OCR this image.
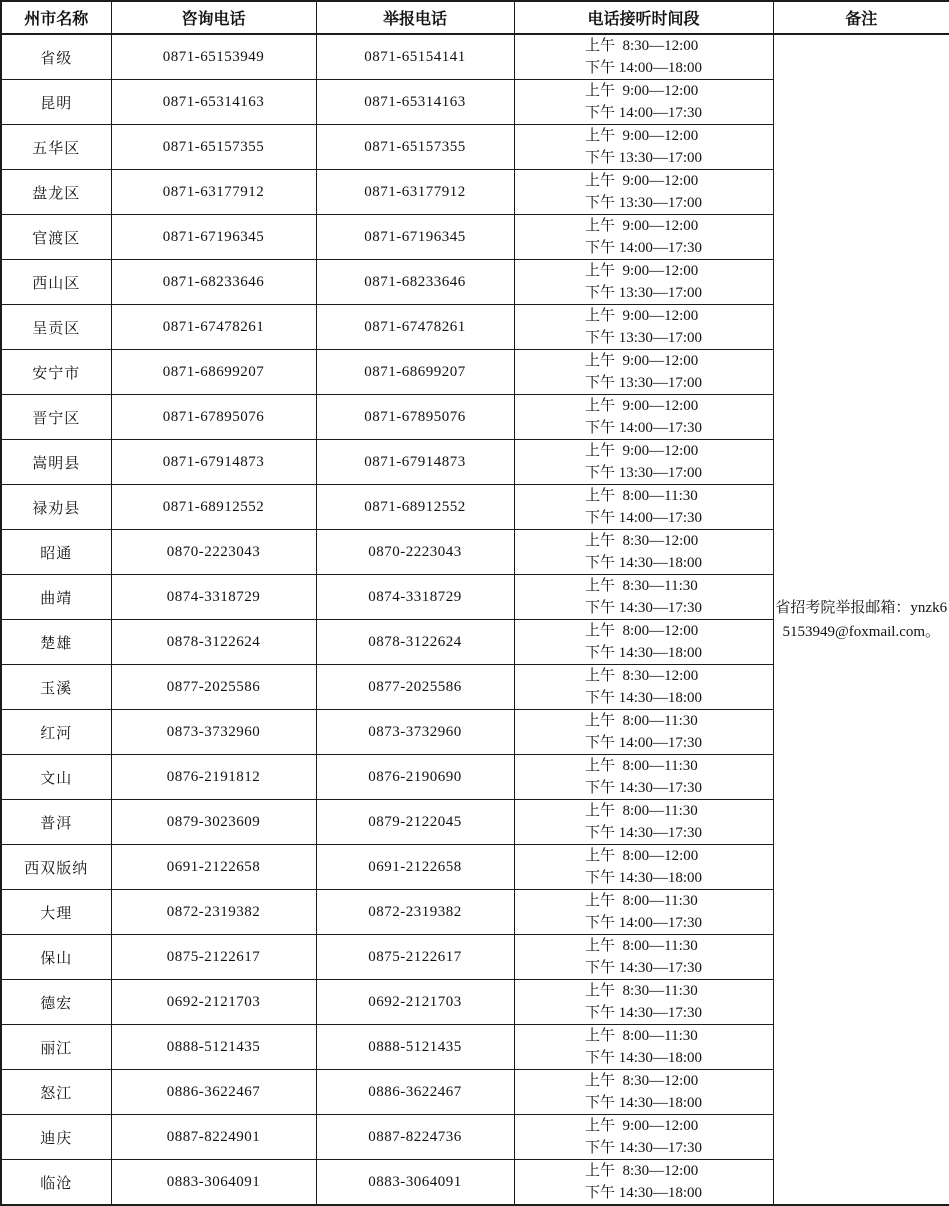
州市名称	咨询电话	举报电话	电话接听时间段	备注
省级	0871-65153949	0871-65154141	上午  8:30—12:00
下午 14:00—18:00	省招考院举报邮箱：ynzk65153949@foxmail.com。
昆明	0871-65314163	0871-65314163	上午  9:00—12:00
下午 14:00—17:30	

五华区	0871-65157355	0871-65157355	上午  9:00—12:00
下午 13:30—17:00	

盘龙区	0871-63177912	0871-63177912	上午  9:00—12:00
下午 13:30—17:00	

官渡区	0871-67196345	0871-67196345	上午  9:00—12:00
下午 14:00—17:30	

西山区	0871-68233646	0871-68233646	上午  9:00—12:00
下午 13:30—17:00	

呈贡区	0871-67478261	0871-67478261	上午  9:00—12:00
下午 13:30—17:00	

安宁市	0871-68699207	0871-68699207	上午  9:00—12:00
下午 13:30—17:00	

晋宁区	0871-67895076	0871-67895076	上午  9:00—12:00
下午 14:00—17:30	

嵩明县	0871-67914873	0871-67914873	上午  9:00—12:00
下午 13:30—17:00	

禄劝县	0871-68912552	0871-68912552	上午  8:00—11:30
下午 14:00—17:30	

昭通	0870-2223043	0870-2223043	上午  8:30—12:00
下午 14:30—18:00	

曲靖	0874-3318729	0874-3318729	上午  8:30—11:30
下午 14:30—17:30	

楚雄	0878-3122624	0878-3122624	上午  8:00—12:00
下午 14:30—18:00	

玉溪	0877-2025586	0877-2025586	上午  8:30—12:00
下午 14:30—18:00	

红河	0873-3732960	0873-3732960	上午  8:00—11:30
下午 14:00—17:30	

文山	0876-2191812	0876-2190690	上午  8:00—11:30
下午 14:30—17:30	

普洱	0879-3023609	0879-2122045	上午  8:00—11:30
下午 14:30—17:30	

西双版纳	0691-2122658	0691-2122658	上午  8:00—12:00
下午 14:30—18:00	

大理	0872-2319382	0872-2319382	上午  8:00—11:30
下午 14:00—17:30	

保山	0875-2122617	0875-2122617	上午  8:00—11:30
下午 14:30—17:30	

德宏	0692-2121703	0692-2121703	上午  8:30—11:30
下午 14:30—17:30	

丽江	0888-5121435	0888-5121435	上午  8:00—11:30
下午 14:30—18:00	

怒江	0886-3622467	0886-3622467	上午  8:30—12:00
下午 14:30—18:00	

迪庆	0887-8224901	0887-8224736	上午  9:00—12:00
下午 14:30—17:30	

临沧	0883-3064091	0883-3064091	上午  8:30—12:00
下午 14:30—18:00	
